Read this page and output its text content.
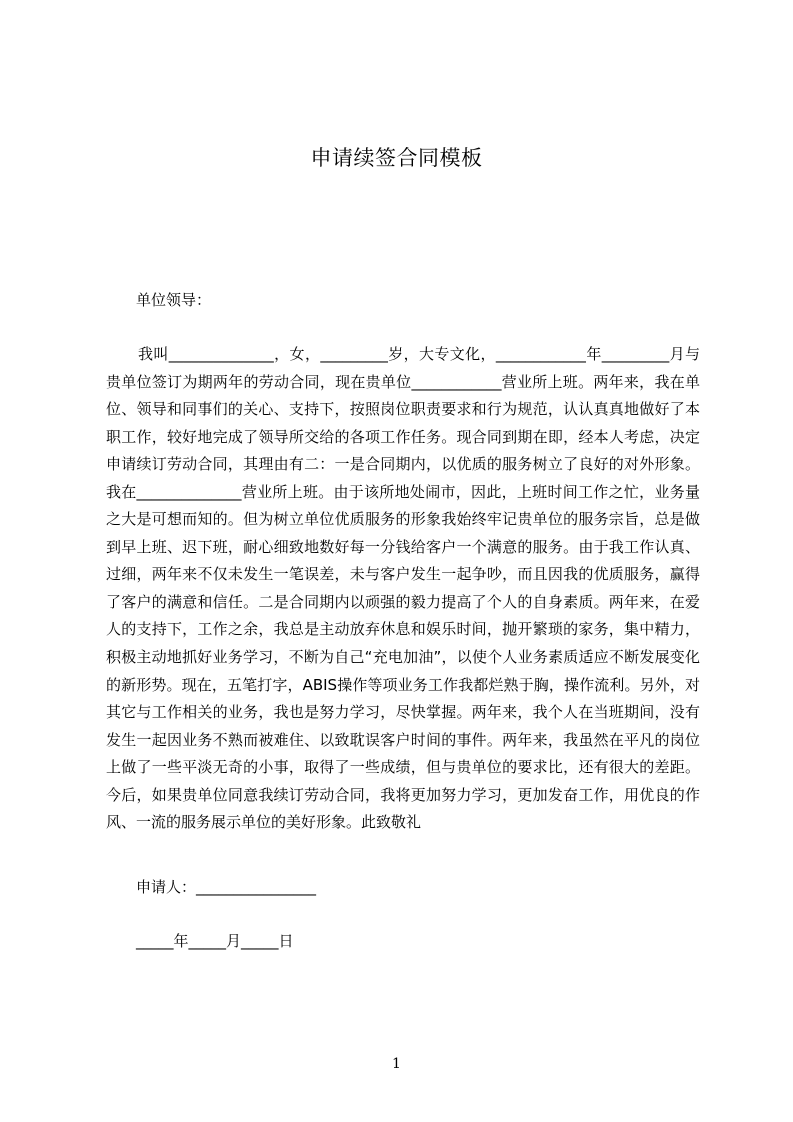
申请续签合同模板
单位领导：

我叫______________，女，_________岁，大专文化，____________年_________月与贵单位签订为期两年的劳动合同，现在贵单位____________营业所上班。两年来，我在单位、领导和同事们的关心、支持下，按照岗位职责要求和行为规范，认认真真地做好了本职工作，较好地完成了领导所交给的各项工作任务。现合同到期在即，经本人考虑，决定申请续订劳动合同，其理由有二：一是合同期内，以优质的服务树立了良好的对外形象。我在______________营业所上班。由于该所地处闹市，因此，上班时间工作之忙，业务量之大是可想而知的。但为树立单位优质服务的形象我始终牢记贵单位的服务宗旨，总是做到早上班、迟下班，耐心细致地数好每一分钱给客户一个满意的服务。由于我工作认真、过细，两年来不仅未发生一笔误差，未与客户发生一起争吵，而且因我的优质服务，赢得了客户的满意和信任。二是合同期内以顽强的毅力提高了个人的自身素质。两年来，在爱人的支持下，工作之余，我总是主动放弃休息和娱乐时间，抛开繁琐的家务，集中精力，积极主动地抓好业务学习，不断为自己“充电加油”，以使个人业务素质适应不断发展变化的新形势。现在，五笔打字，ABIS操作等项业务工作我都烂熟于胸，操作流利。另外，对其它与工作相关的业务，我也是努力学习，尽快掌握。两年来，我个人在当班期间，没有发生一起因业务不熟而被难住、以致耽误客户时间的事件。两年来，我虽然在平凡的岗位上做了一些平淡无奇的小事，取得了一些成绩，但与贵单位的要求比，还有很大的差距。今后，如果贵单位同意我续订劳动合同，我将更加努力学习，更加发奋工作，用优良的作风、一流的服务展示单位的美好形象。此致敬礼

申请人：________________
_____年_____月_____日
1
